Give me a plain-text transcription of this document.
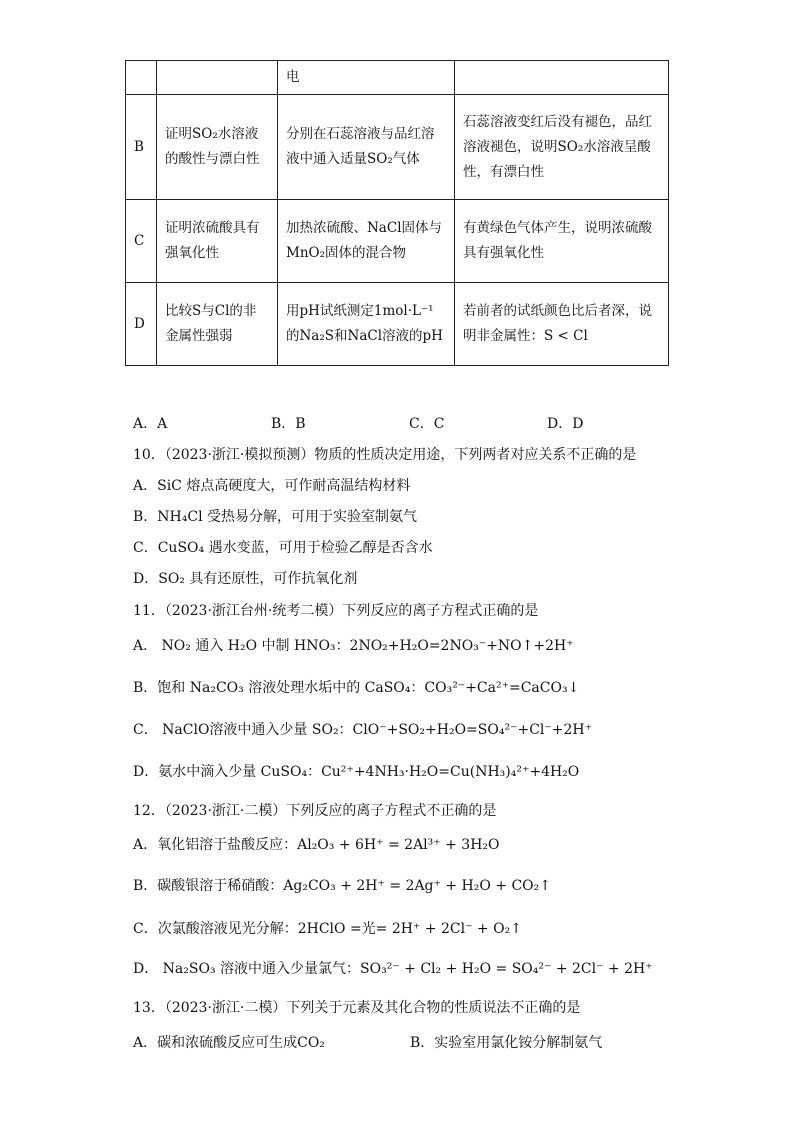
		电	
B	证明SO₂水溶液的酸性与漂白性	分别在石蕊溶液与品红溶液中通入适量SO₂气体	石蕊溶液变红后没有褪色，品红溶液褪色，说明SO₂水溶液呈酸性，有漂白性
C	证明浓硫酸具有强氧化性	加热浓硫酸、NaCl固体与MnO₂固体的混合物	有黄绿色气体产生，说明浓硫酸具有强氧化性
D	比较S与Cl的非金属性强弱	用pH试纸测定1mol·L⁻¹的Na₂S和NaCl溶液的pH	若前者的试纸颜色比后者深，说明非金属性：S < Cl
A．A	B．B	C．C	D．D
10．（2023·浙江·模拟预测）物质的性质决定用途，下列两者对应关系不正确的是
A．SiC 熔点高硬度大，可作耐高温结构材料
B．NH₄Cl 受热易分解，可用于实验室制氨气
C．CuSO₄ 遇水变蓝，可用于检验乙醇是否含水
D．SO₂ 具有还原性，可作抗氧化剂
11．（2023·浙江台州·统考二模）下列反应的离子方程式正确的是
A． NO₂ 通入 H₂O 中制 HNO₃：2NO₂+H₂O=2NO₃⁻+NO↑+2H⁺
B．饱和 Na₂CO₃ 溶液处理水垢中的 CaSO₄：CO₃²⁻+Ca²⁺=CaCO₃↓
C． NaClO溶液中通入少量 SO₂：ClO⁻+SO₂+H₂O=SO₄²⁻+Cl⁻+2H⁺
D．氨水中滴入少量 CuSO₄：Cu²⁺+4NH₃·H₂O=Cu(NH₃)₄²⁺+4H₂O
12．（2023·浙江·二模）下列反应的离子方程式不正确的是
A．氧化铝溶于盐酸反应：Al₂O₃ + 6H⁺ = 2Al³⁺ + 3H₂O
B．碳酸银溶于稀硝酸：Ag₂CO₃ + 2H⁺ = 2Ag⁺ + H₂O + CO₂↑
C．次氯酸溶液见光分解：2HClO =光= 2H⁺ + 2Cl⁻ + O₂↑
D． Na₂SO₃ 溶液中通入少量氯气：SO₃²⁻ + Cl₂ + H₂O = SO₄²⁻ + 2Cl⁻ + 2H⁺
13．（2023·浙江·二模）下列关于元素及其化合物的性质说法不正确的是
A．碳和浓硫酸反应可生成CO₂	B．实验室用氯化铵分解制氨气
